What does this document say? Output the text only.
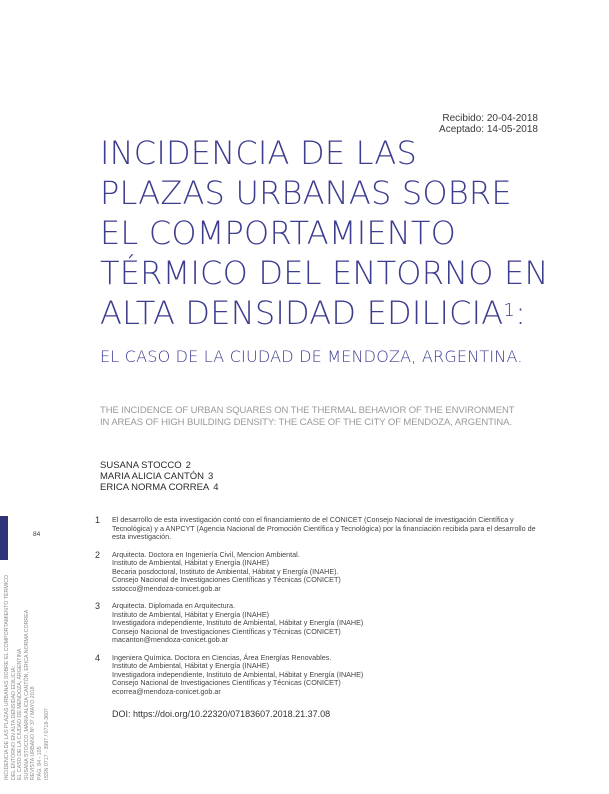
Recibido: 20-04-2018
Aceptado: 14-05-2018
INCIDENCIA DE LAS
PLAZAS URBANAS SOBRE
EL COMPORTAMIENTO
TÉRMICO DEL ENTORNO EN
ALTA DENSIDAD EDILICIA$^1$:
EL CASO DE LA CIUDAD DE MENDOZA, ARGENTINA.
THE INCIDENCE OF URBAN SQUARES ON THE THERMAL BEHAVIOR OF THE ENVIRONMENT IN AREAS OF HIGH BUILDING DENSITY: THE CASE OF THE CITY OF MENDOZA, ARGENTINA.
SUSANA STOCCO 2
MARIA ALICIA CANTÓN 3
ERICA NORMA CORREA 4
84
INCIDENCIA DE LAS PLAZAS URBANAS SOBRE EL COMPORTAMIENTO TÉRMICO DEL ENTORNO EN ALTA DENSIDAD EDILICIA: EL CASO DE LA CIUDAD DE MENDOZA, ARGENTINA SUSANA STOCCO, MARIA ALICIA CANTÓN, ERICA NORMA CORREA REVISTA URBANO Nº 37 / MAYO 2018 PÁG. 84 - 105 ISSN 0717 - 3997 / 0718-3607
1 El desarrollo de esta investigación contó con el financiamiento de el CONICET (Consejo Nacional de investigación Científica y
Tecnológica) y a ANPCYT (Agencia Nacional de Promoción Científica y Tecnológica) por la financiación recibida para el desarrollo de
esta investigación.
2 Arquitecta. Doctora en Ingeniería Civil, Mencion Ambiental.
Instituto de Ambiental, Hábitat y Energía (INAHE)
Becaria posdoctoral, Instituto de Ambiental, Hábitat y Energía (INAHE).
Consejo Nacional de Investigaciones Científicas y Técnicas (CONICET)
sstocco@mendoza-conicet.gob.ar
3 Arquitecta. Diplomada en Arquitectura.
Instituto de Ambiental, Hábitat y Energía (INAHE)
Investigadora independiente, Instituto de Ambiental, Hábitat y Energía (INAHE)
Consejo Nacional de Investigaciones Científicas y Técnicas (CONICET)
macanton@mendoza-conicet.gob.ar
4 Ingeniera Química. Doctora en Ciencias, Área Energías Renovables.
Instituto de Ambiental, Hábitat y Energía (INAHE)
Investigadora independiente, Instituto de Ambiental, Hábitat y Energía (INAHE)
Consejo Nacional de Investigaciones Científicas y Técnicas (CONICET)
ecorrea@mendoza-conicet.gob.ar
DOI: https://doi.org/10.22320/07183607.2018.21.37.08
